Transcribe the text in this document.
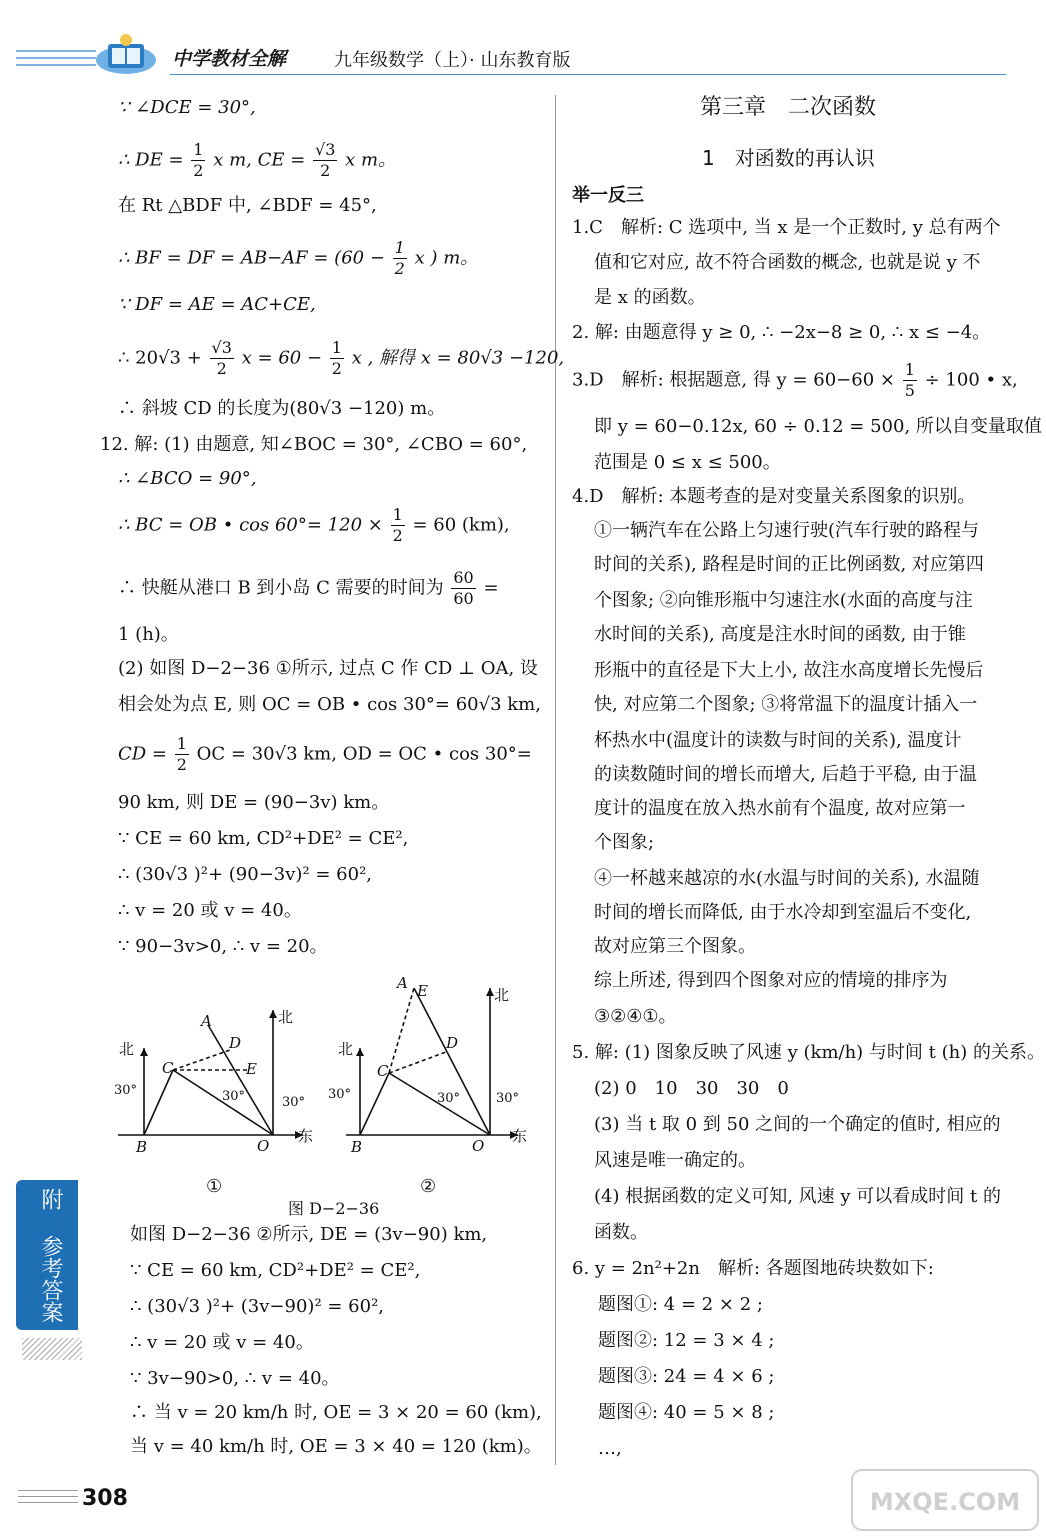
中学教材全解	九年级数学（上）· 山东教育版
∵ ∠DCE = 30°,
∴ DE = $\frac{1}{2}$ x m, CE = $\frac{√3}{2}$ x m。
在 Rt △BDF 中, ∠BDF = 45°,
∴ BF = DF = $AB-AF = (60 - \frac{1}{2}$ x ) m。
∵ DF = AE = AC+CE,
∴ $20√3 + \frac{√3}{2}$ $x = 60 - \frac{1}{2}$ x , 解得 x = 80√3 −120,
∴ 斜坡 CD 的长度为(80√3 −120) m。
12. 解: (1) 由题意, 知∠BOC = 30°, ∠CBO = 60°,
∴ ∠BCO = 90°,
∴ BC = OB • $\cos 60^\circ= 120 \times \frac{1}{2} = 60$ (km),
∴ 快艇从港口 B 到小岛 C 需要的时间为 $\frac{60}{60}$ =
1 (h)。
(2) 如图 D−2−36 ①所示, 过点 C 作 CD ⊥ OA, 设
相会处为点 E, 则 OC = OB • cos 30°= 60√3 km,
CD = $\frac{1}{2}$ OC = 30√3 km, OD = OC • cos 30°=
90 km, 则 DE = (90−3v) km。
∵ CE = 60 km, CD²+DE² = CE²,
∴ (30√3 )²+ (90−3v)² = 60²,
∴ v = 20 或 v = 40。
∵ 90−3v>0, ∴ v = 20。
北
北
东
30°	30°	30°
B
C
A
D
E
O
北
北
东
30°	30°	30°
B
C
A E
D
O
①	②
图 D−2−36
如图 D−2−36 ②所示, DE = (3v−90) km,
∵ CE = 60 km, CD²+DE² = CE²,
∴ (30√3 )²+ (3v−90)² = 60²,
∴ v = 20 或 v = 40。
∵ 3v−90>0, ∴ v = 40。
∴ 当 v = 20 km/h 时, OE = 3 × 20 = 60 (km),
当 v = 40 km/h 时, OE = 3 × 40 = 120 (km)。
第三章　二次函数
1　对函数的再认识
举一反三
1.C　解析: C 选项中, 当 x 是一个正数时, y 总有两个
值和它对应, 故不符合函数的概念, 也就是说 y 不
是 x 的函数。
2. 解: 由题意得 y ≥ 0, ∴ −2x−8 ≥ 0, ∴ x ≤ −4。
3.D　解析: 根据题意, 得 $y = 60-60 \times \frac{1}{5} \div 100$ • x,
即 y = 60−0.12x, 60 ÷ 0.12 = 500, 所以自变量取值
范围是 0 ≤ x ≤ 500。
4.D　解析: 本题考查的是对变量关系图象的识别。
①一辆汽车在公路上匀速行驶(汽车行驶的路程与
时间的关系), 路程是时间的正比例函数, 对应第四
个图象; ②向锥形瓶中匀速注水(水面的高度与注
水时间的关系), 高度是注水时间的函数, 由于锥
形瓶中的直径是下大上小, 故注水高度增长先慢后
快, 对应第二个图象; ③将常温下的温度计插入一
杯热水中(温度计的读数与时间的关系), 温度计
的读数随时间的增长而增大, 后趋于平稳, 由于温
度计的温度在放入热水前有个温度, 故对应第一
个图象;
④一杯越来越凉的水(水温与时间的关系), 水温随
时间的增长而降低, 由于水冷却到室温后不变化,
故对应第三个图象。
综上所述, 得到四个图象对应的情境的排序为
③②④①。
5. 解: (1) 图象反映了风速 y (km/h) 与时间 t (h) 的关系。
(2) 0　10　30　30　0
(3) 当 t 取 0 到 50 之间的一个确定的值时, 相应的
风速是唯一确定的。
(4) 根据函数的定义可知, 风速 y 可以看成时间 t 的
函数。
6. y = 2n²+2n　解析: 各题图地砖块数如下:
题图①: 4 = 2 × 2 ;
题图②: 12 = 3 × 4 ;
题图③: 24 = 4 × 6 ;
题图④: 40 = 5 × 8 ;
…,
附 参考答案
308	MXQE.COM
